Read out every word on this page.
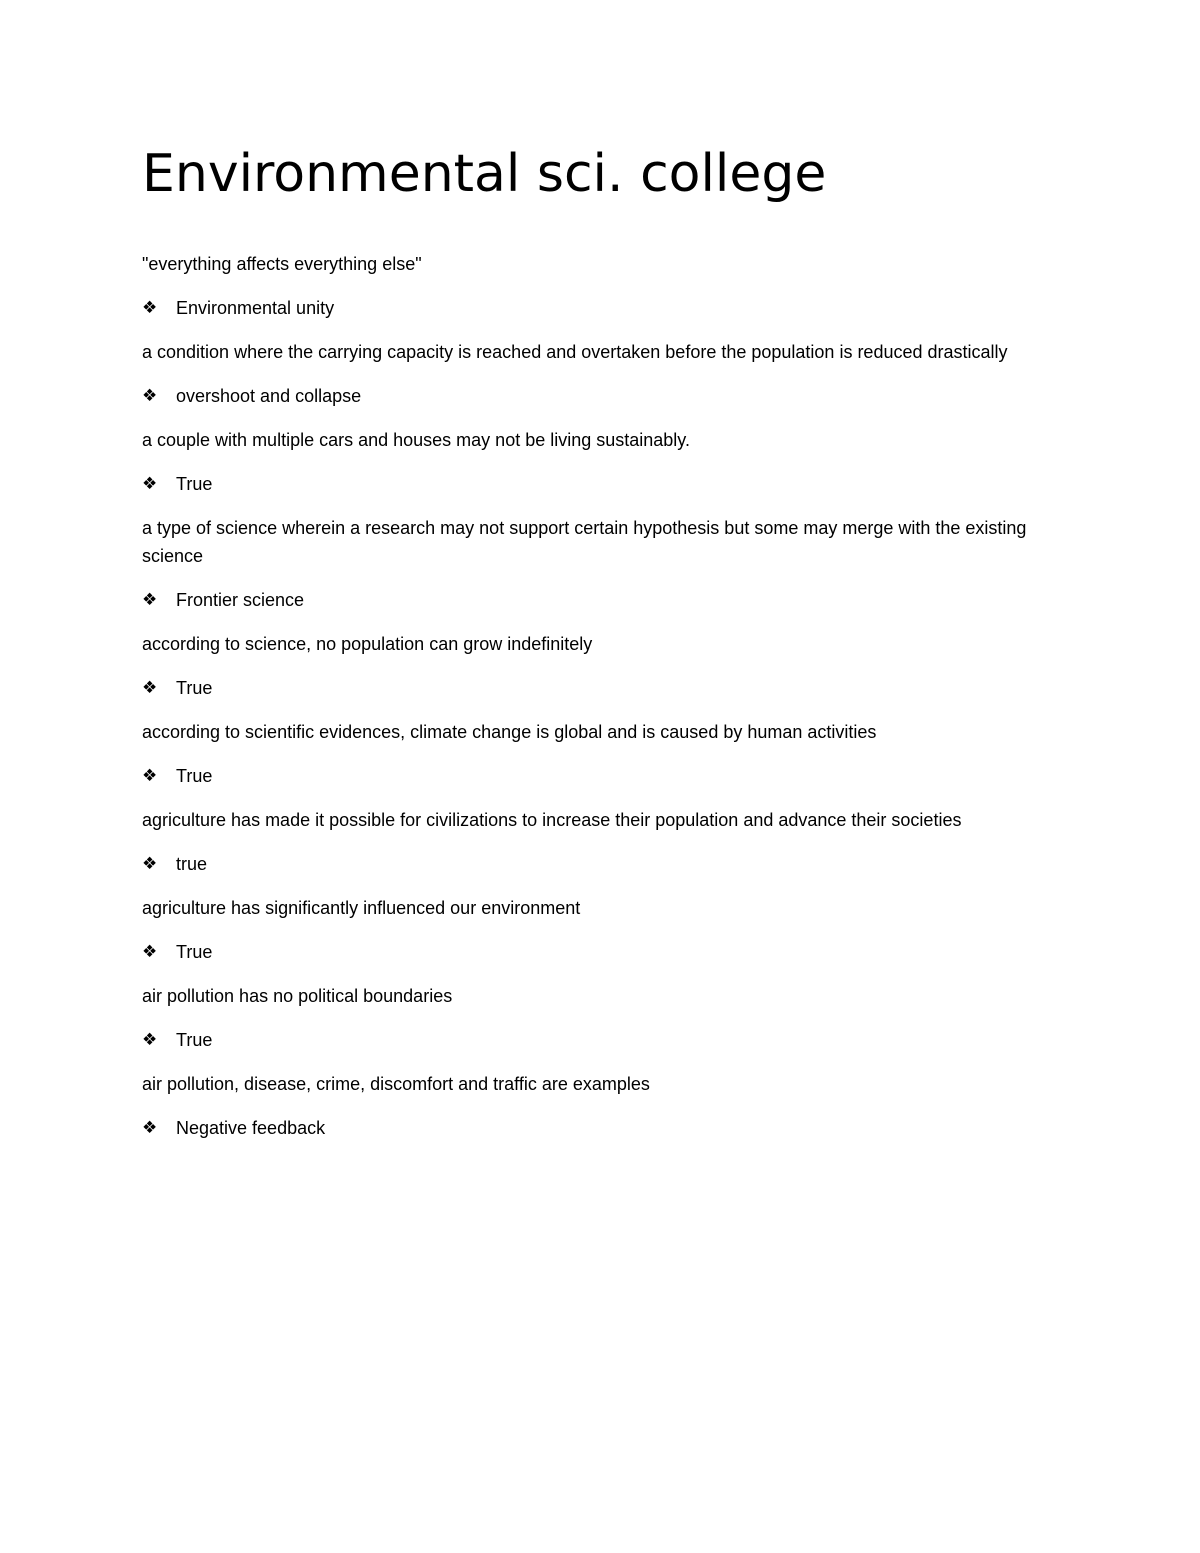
Environmental sci. college

"everything affects everything else"

❖	Environmental unity

a condition where the carrying capacity is reached and overtaken before the population is reduced drastically

❖	overshoot and collapse

a couple with multiple cars and houses may not be living sustainably.

❖	True

a type of science wherein a research may not support certain hypothesis but some may merge with the existing science

❖	Frontier science

according to science, no population can grow indefinitely

❖	True

according to scientific evidences, climate change is global and is caused by human activities

❖	True

agriculture has made it possible for civilizations to increase their population and advance their societies

❖	true

agriculture has significantly influenced our environment

❖	True

air pollution has no political boundaries

❖	True

air pollution, disease, crime, discomfort and traffic are examples

❖	Negative feedback
